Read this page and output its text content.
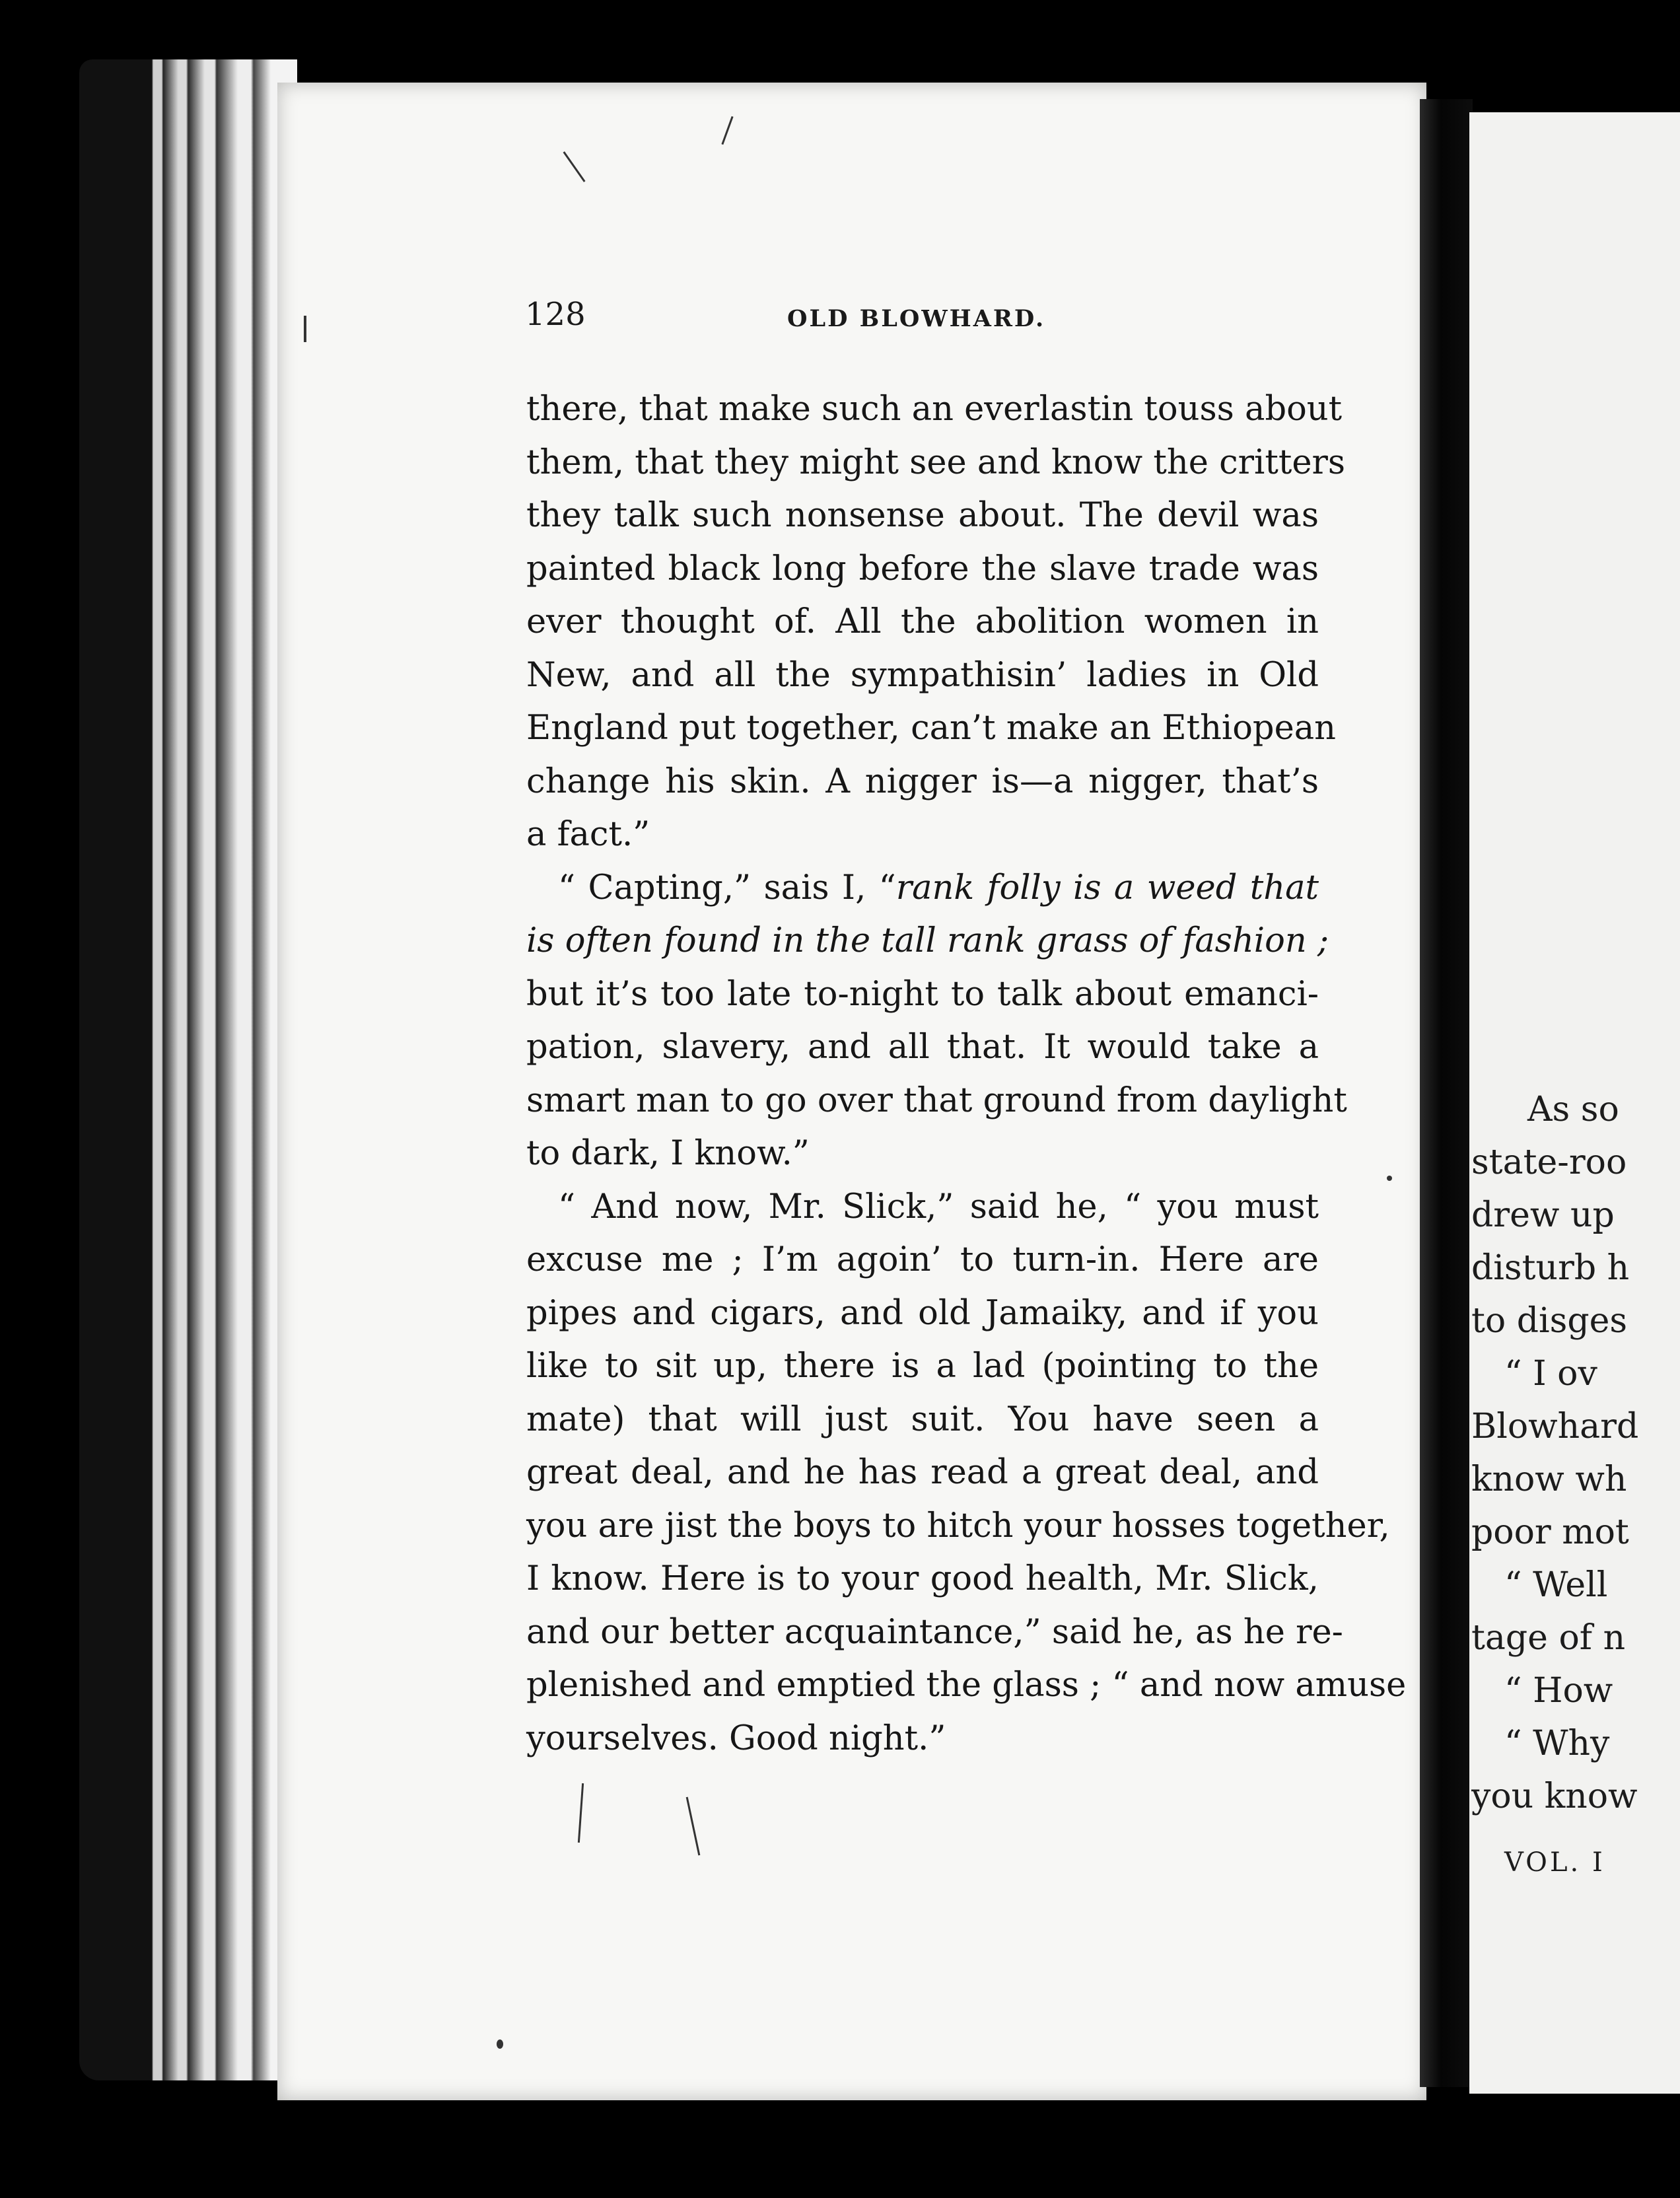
128	OLD BLOWHARD.
there, that make such an everlastin touss about
them, that they might see and know the critters
they talk such nonsense about. The devil was
painted black long before the slave trade was
ever thought of. All the abolition women in
New, and all the sympathisin’ ladies in Old
England put together, can’t make an Ethiopean
change his skin. A nigger is—a nigger, that’s
a fact.”
“ Capting,” sais I, “rank folly is a weed that
is often found in the tall rank grass of fashion ;
but it’s too late to-night to talk about emanci-
pation, slavery, and all that. It would take a
smart man to go over that ground from daylight
to dark, I know.”
“ And now, Mr. Slick,” said he, “ you must
excuse me ; I’m agoin’ to turn-in. Here are
pipes and cigars, and old Jamaiky, and if you
like to sit up, there is a lad (pointing to the
mate) that will just suit. You have seen a
great deal, and he has read a great deal, and
you are jist the boys to hitch your hosses together,
I know. Here is to your good health, Mr. Slick,
and our better acquaintance,” said he, as he re-
plenished and emptied the glass ; “ and now amuse
yourselves. Good night.”
As so
state-roo
drew up
disturb h
to disges
“ I ov
Blowhard
know wh
poor mot
“ Well
tage of n
“ How
“ Why
you know
VOL. I
